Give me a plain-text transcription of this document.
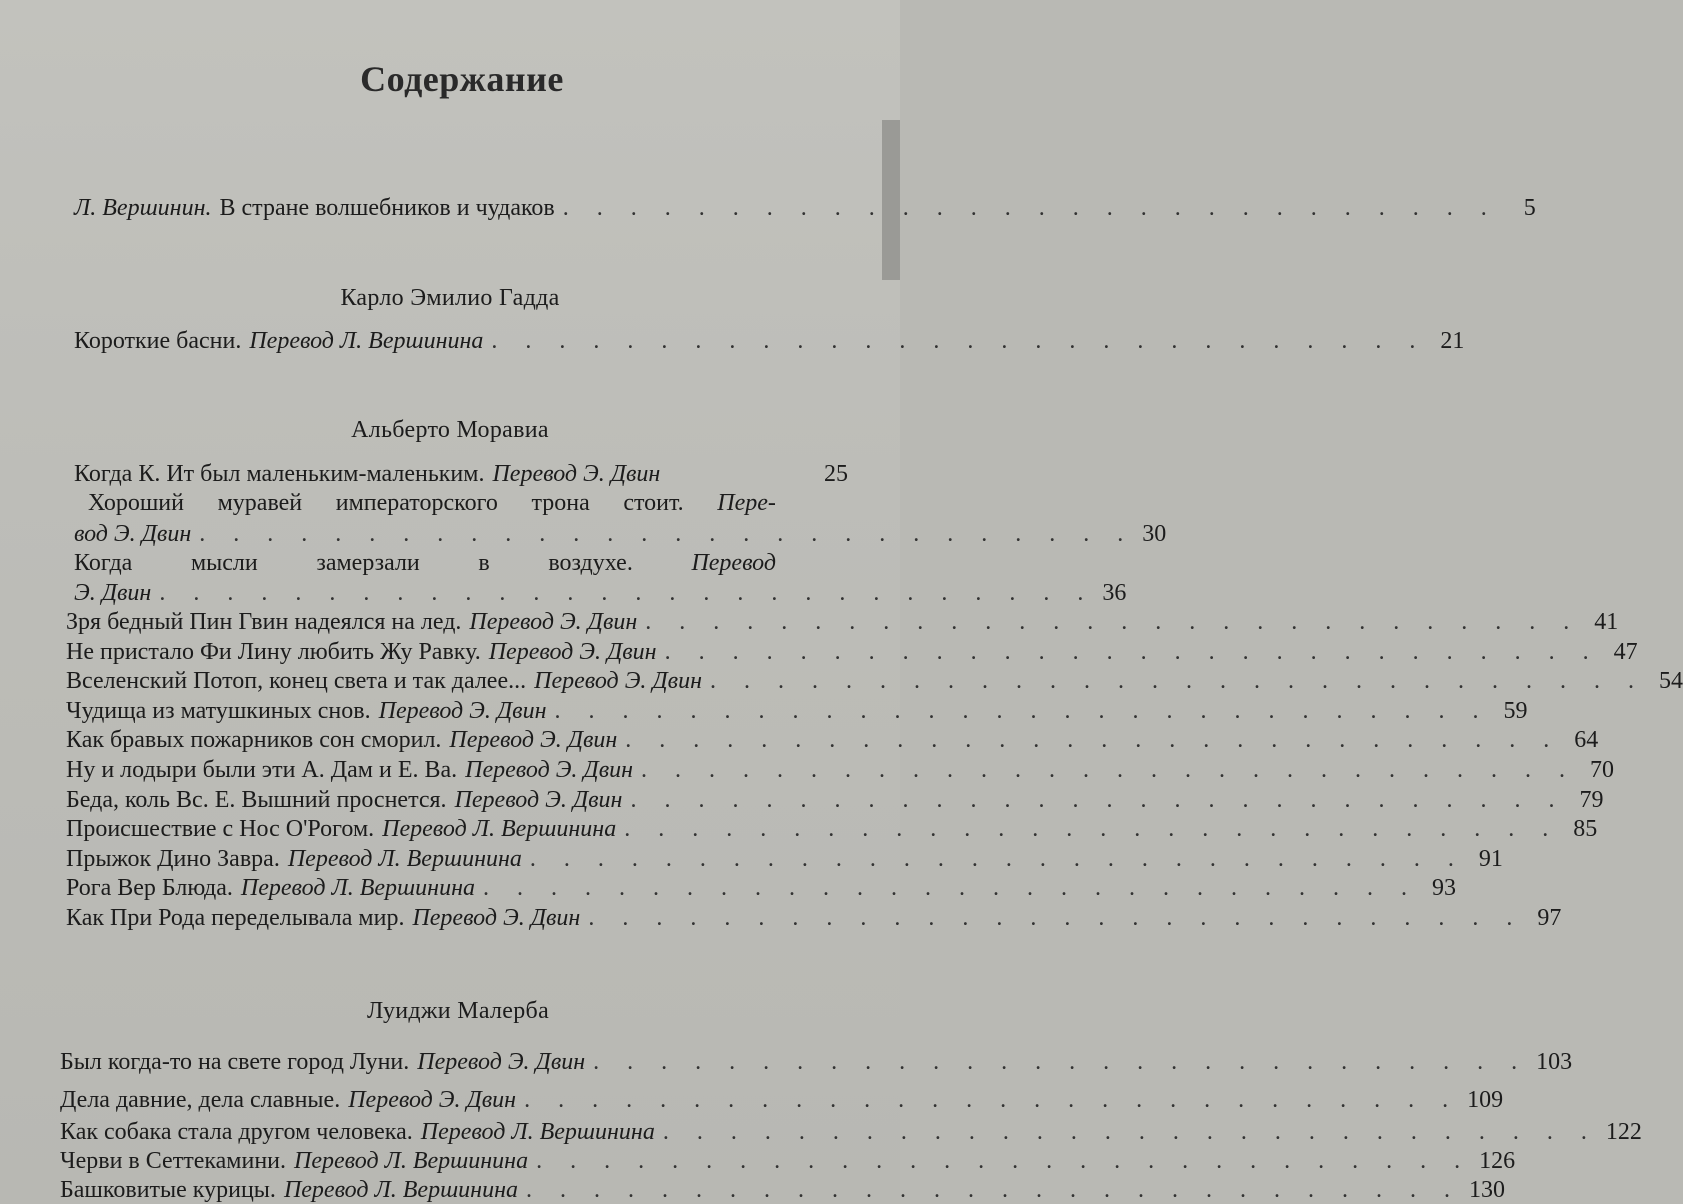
Содержание
Л. Вершинин. В стране волшебников и чудаков . . . . . . . . . . . . . . . . . . . . . . . . . . . .	5
Карло Эмилио Гадда
Короткие басни. Перевод Л. Вершинина . . . . . . . . . . . . . . . . . . . . . . . . . . . . 21
Альберто Моравиа
Когда К. Ит был маленьким-маленьким. Перевод Э. Двин	25
Хороший муравей императорского трона стоит. Пере-
вод Э. Двин . . . . . . . . . . . . . . . . . . . . . . . . . . . . 30
Когда мысли замерзали в воздухе. Перевод
Э. Двин . . . . . . . . . . . . . . . . . . . . . . . . . . . . 36
Зря бедный Пин Гвин надеялся на лед. Перевод Э. Двин . . . . . . . . . . . . . . . . . . . . . . . . . . . . 41
Не пристало Фи Лину любить Жу Равку. Перевод Э. Двин . . . . . . . . . . . . . . . . . . . . . . . . . . . . 47
Вселенский Потоп, конец света и так далее... Перевод Э. Двин . . . . . . . . . . . . . . . . . . . . . . . . . . . . 54
Чудища из матушкиных снов. Перевод Э. Двин . . . . . . . . . . . . . . . . . . . . . . . . . . . . 59
Как бравых пожарников сон сморил. Перевод Э. Двин . . . . . . . . . . . . . . . . . . . . . . . . . . . . 64
Ну и лодыри были эти А. Дам и Е. Ва. Перевод Э. Двин . . . . . . . . . . . . . . . . . . . . . . . . . . . . 70
Беда, коль Вс. Е. Вышний проснется. Перевод Э. Двин . . . . . . . . . . . . . . . . . . . . . . . . . . . . 79
Происшествие с Нос О'Рогом. Перевод Л. Вершинина . . . . . . . . . . . . . . . . . . . . . . . . . . . . 85
Прыжок Дино Завра. Перевод Л. Вершинина . . . . . . . . . . . . . . . . . . . . . . . . . . . . 91
Рога Вер Блюда. Перевод Л. Вершинина . . . . . . . . . . . . . . . . . . . . . . . . . . . . 93
Как При Рода переделывала мир. Перевод Э. Двин . . . . . . . . . . . . . . . . . . . . . . . . . . . . 97
Луиджи Малерба
Был когда-то на свете город Луни. Перевод Э. Двин . . . . . . . . . . . . . . . . . . . . . . . . . . . . 103
Дела давние, дела славные. Перевод Э. Двин . . . . . . . . . . . . . . . . . . . . . . . . . . . . 109
Как собака стала другом человека. Перевод Л. Вершинина . . . . . . . . . . . . . . . . . . . . . . . . . . . . 122
Черви в Сеттекамини. Перевод Л. Вершинина . . . . . . . . . . . . . . . . . . . . . . . . . . . . 126
Башковитые курицы. Перевод Л. Вершинина . . . . . . . . . . . . . . . . . . . . . . . . . . . . 130
